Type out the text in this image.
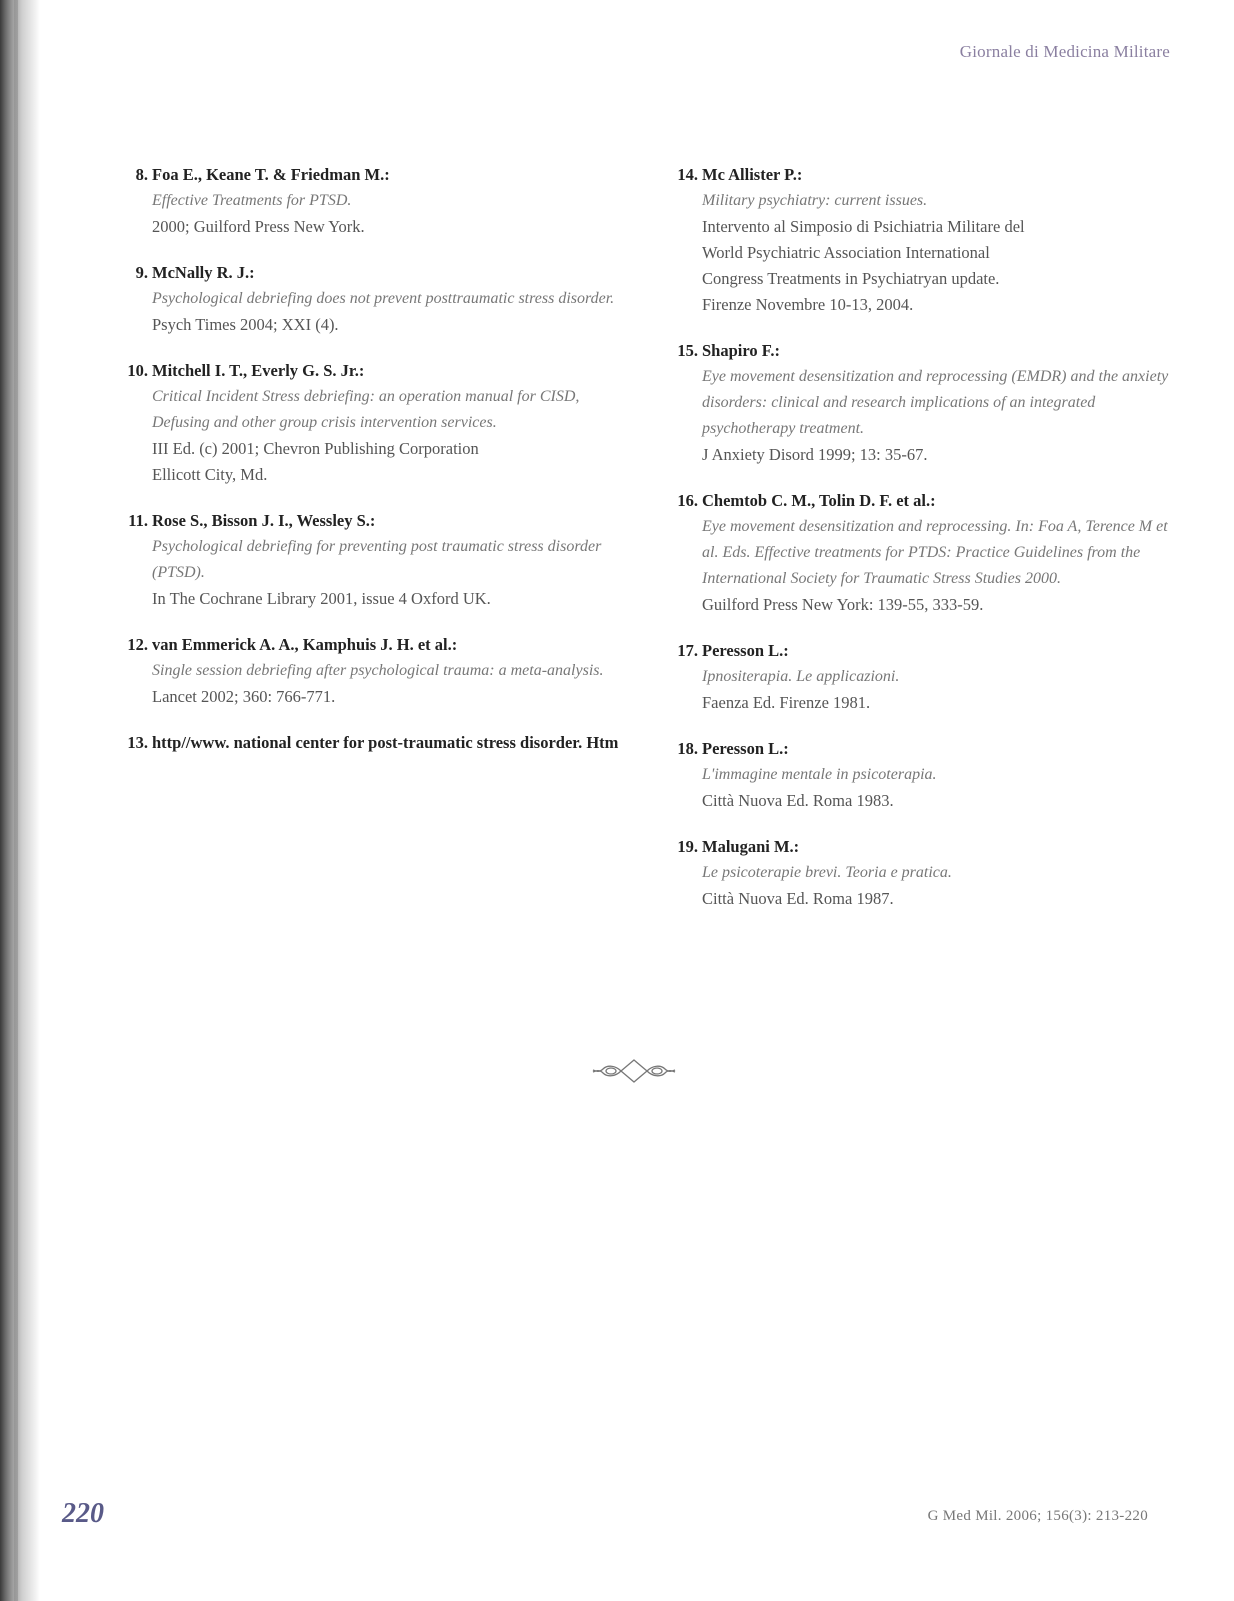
Giornale di Medicina Militare
8. Foa E., Keane T. & Friedman M.:
Effective Treatments for PTSD.
2000; Guilford Press New York.
9. McNally R. J.:
Psychological debriefing does not prevent posttraumatic stress disorder.
Psych Times 2004; XXI (4).
10. Mitchell I. T., Everly G. S. Jr.:
Critical Incident Stress debriefing: an operation manual for CISD, Defusing and other group crisis intervention services.
III Ed. (c) 2001; Chevron Publishing Corporation
Ellicott City, Md.
11. Rose S., Bisson J. I., Wessley S.:
Psychological debriefing for preventing post traumatic stress disorder (PTSD).
In The Cochrane Library 2001, issue 4 Oxford UK.
12. van Emmerick A. A., Kamphuis J. H. et al.:
Single session debriefing after psychological trauma: a meta-analysis.
Lancet 2002; 360: 766-771.
13. http//www. national center for post-traumatic stress disorder. Htm
14. Mc Allister P.:
Military psychiatry: current issues.
Intervento al Simposio di Psichiatria Militare del
World Psychiatric Association International
Congress Treatments in Psychiatryan update.
Firenze Novembre 10-13, 2004.
15. Shapiro F.:
Eye movement desensitization and reprocessing (EMDR) and the anxiety disorders: clinical and research implications of an integrated psychotherapy treatment.
J Anxiety Disord 1999; 13: 35-67.
16. Chemtob C. M., Tolin D. F. et al.:
Eye movement desensitization and reprocessing. In: Foa A, Terence M et al. Eds. Effective treatments for PTDS: Practice Guidelines from the International Society for Traumatic Stress Studies 2000.
Guilford Press New York: 139-55, 333-59.
17. Peresson L.:
Ipnositerapia. Le applicazioni.
Faenza Ed. Firenze 1981.
18. Peresson L.:
L'immagine mentale in psicoterapia.
Città Nuova Ed. Roma 1983.
19. Malugani M.:
Le psicoterapie brevi. Teoria e pratica.
Città Nuova Ed. Roma 1987.
220	G Med Mil. 2006; 156(3): 213-220
